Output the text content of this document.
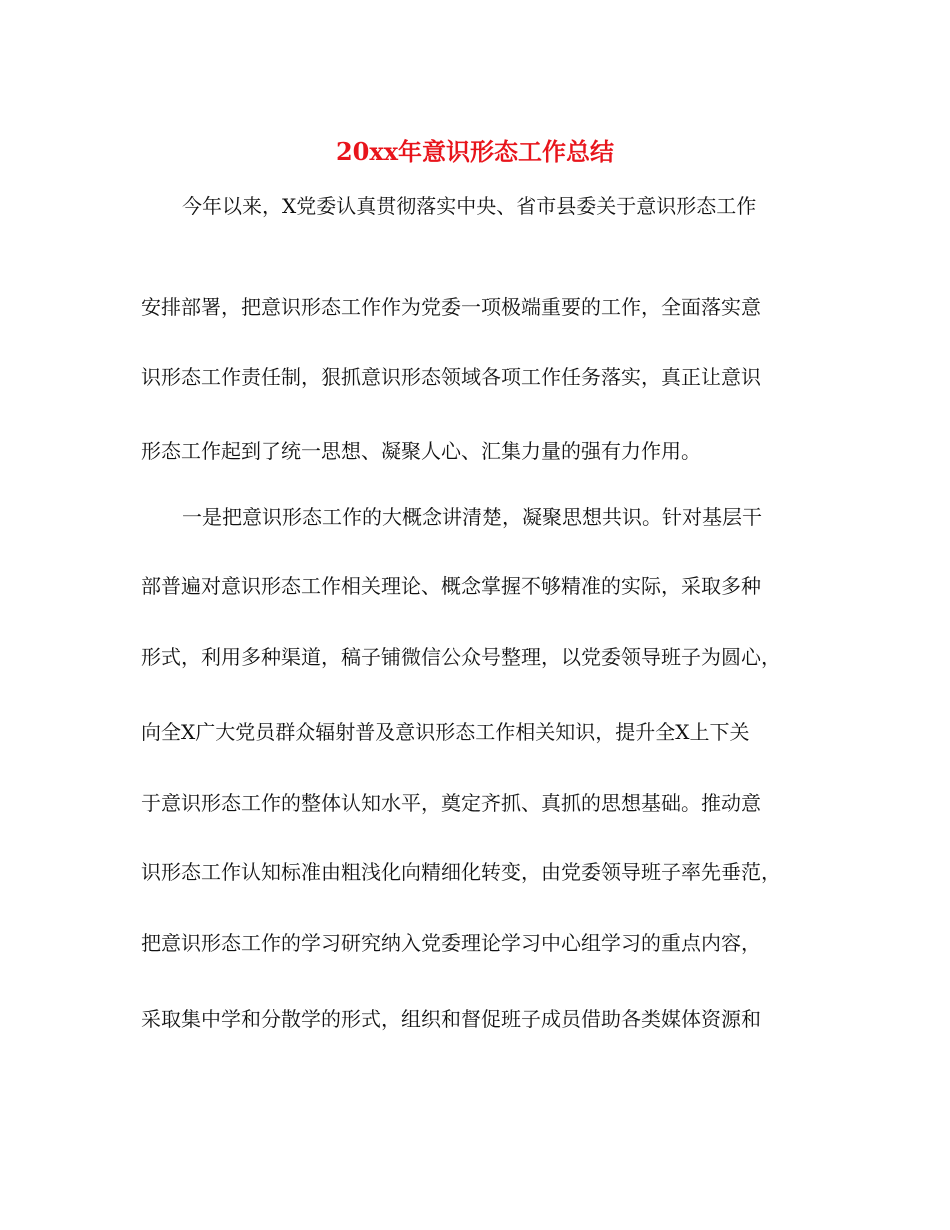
20xx年意识形态工作总结

今年以来，X党委认真贯彻落实中央、省市县委关于意识形态工作

安排部署，把意识形态工作作为党委一项极端重要的工作，全面落实意

识形态工作责任制，狠抓意识形态领域各项工作任务落实，真正让意识

形态工作起到了统一思想、凝聚人心、汇集力量的强有力作用。

一是把意识形态工作的大概念讲清楚，凝聚思想共识。针对基层干

部普遍对意识形态工作相关理论、概念掌握不够精准的实际，采取多种

形式，利用多种渠道，稿子铺微信公众号整理，以党委领导班子为圆心，

向全X广大党员群众辐射普及意识形态工作相关知识，提升全X上下关

于意识形态工作的整体认知水平，奠定齐抓、真抓的思想基础。推动意

识形态工作认知标准由粗浅化向精细化转变，由党委领导班子率先垂范，

把意识形态工作的学习研究纳入党委理论学习中心组学习的重点内容，

采取集中学和分散学的形式，组织和督促班子成员借助各类媒体资源和
